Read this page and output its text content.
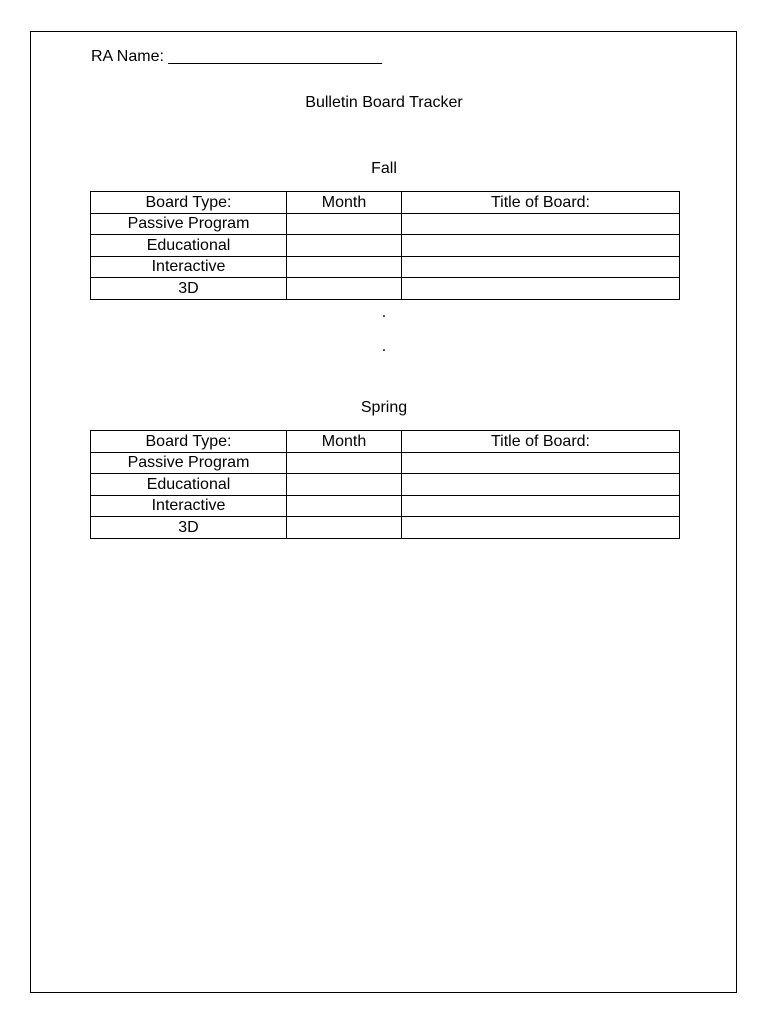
RA Name: ________________________
Bulletin Board Tracker
Fall
Board Type:	Month	Title of Board:
Passive Program		
Educational		
Interactive		
3D		
.
.
Spring
Board Type:	Month	Title of Board:
Passive Program		
Educational		
Interactive		
3D		
